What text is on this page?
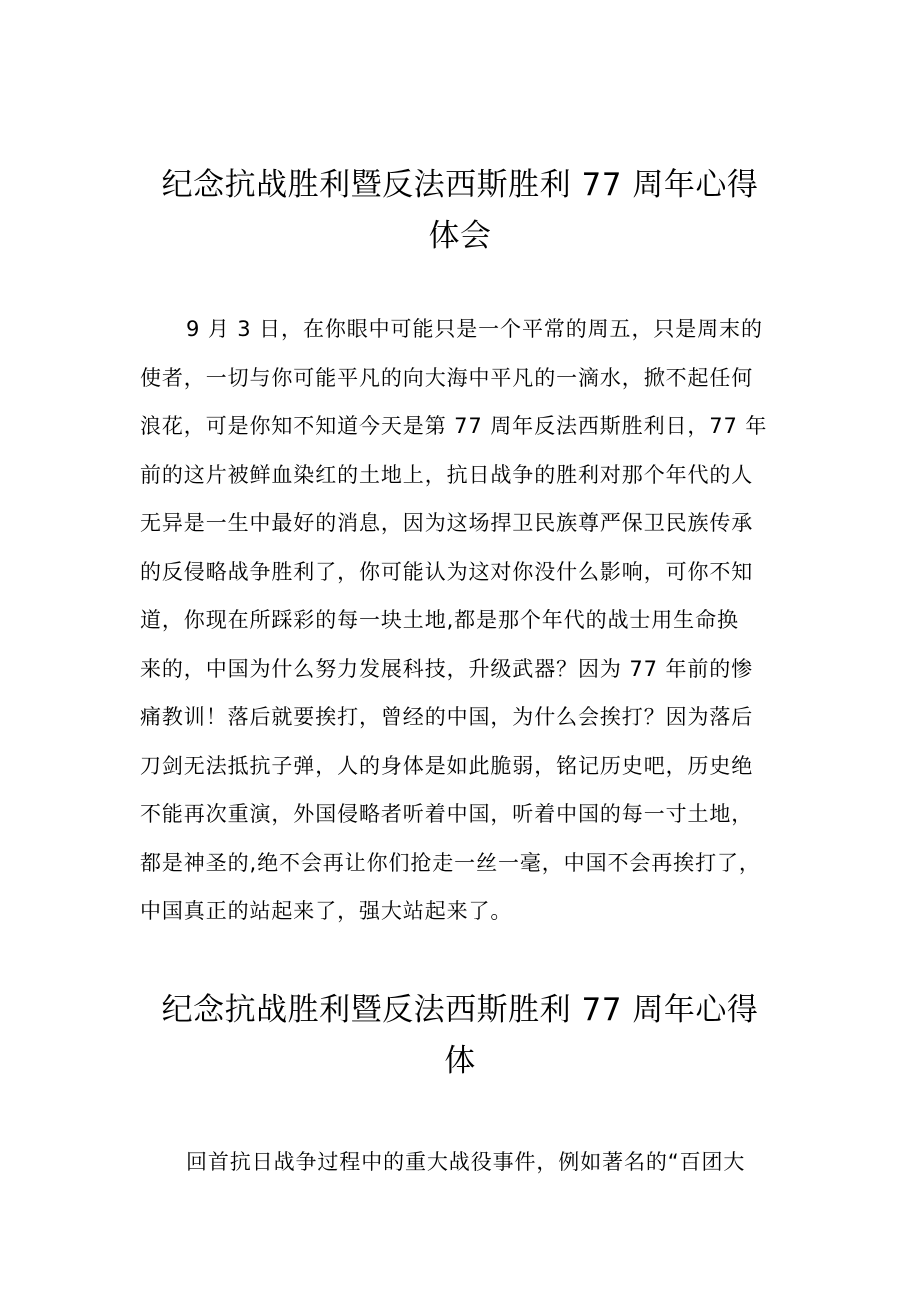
纪念抗战胜利暨反法西斯胜利 77 周年心得
体会
9 月 3 日，在你眼中可能只是一个平常的周五，只是周末的
使者，一切与你可能平凡的向大海中平凡的一滴水，掀不起任何
浪花，可是你知不知道今天是第 77 周年反法西斯胜利日，77 年
前的这片被鲜血染红的土地上，抗日战争的胜利对那个年代的人
无异是一生中最好的消息，因为这场捍卫民族尊严保卫民族传承
的反侵略战争胜利了，你可能认为这对你没什么影响，可你不知
道，你现在所踩彩的每一块土地,都是那个年代的战士用生命换
来的，中国为什么努力发展科技，升级武器？因为 77 年前的惨
痛教训！落后就要挨打，曾经的中国，为什么会挨打？因为落后
刀剑无法抵抗子弹，人的身体是如此脆弱，铭记历史吧，历史绝
不能再次重演，外国侵略者听着中国，听着中国的每一寸土地，
都是神圣的,绝不会再让你们抢走一丝一毫，中国不会再挨打了，
中国真正的站起来了，强大站起来了。
纪念抗战胜利暨反法西斯胜利 77 周年心得
体
回首抗日战争过程中的重大战役事件，例如著名的“百团大
